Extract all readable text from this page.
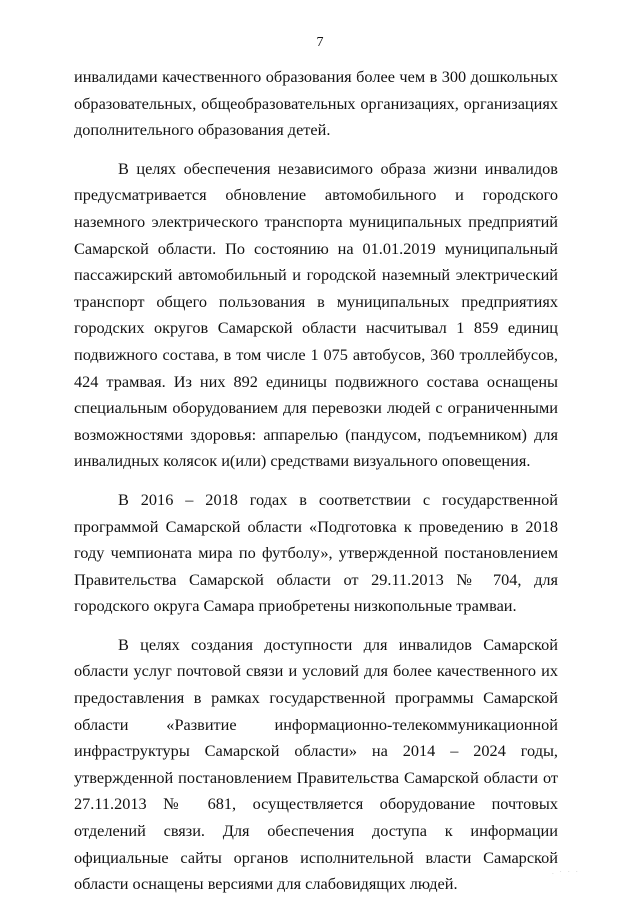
7

инвалидами качественного образования более чем в 300 дошкольных образовательных, общеобразовательных организациях, организациях дополнительного образования детей.

В целях обеспечения независимого образа жизни инвалидов предусматривается обновление автомобильного и городского наземного электрического транспорта муниципальных предприятий Самарской области. По состоянию на 01.01.2019 муниципальный пассажирский автомобильный и городской наземный электрический транспорт общего пользования в муниципальных предприятиях городских округов Самарской области насчитывал 1 859 единиц подвижного состава, в том числе 1 075 автобусов, 360 троллейбусов, 424 трамвая. Из них 892 единицы подвижного состава оснащены специальным оборудованием для перевозки людей с ограниченными возможностями здоровья: аппарелью (пандусом, подъемником) для инвалидных колясок и(или) средствами визуального оповещения.

В 2016 – 2018 годах в соответствии с государственной программой Самарской области «Подготовка к проведению в 2018 году чемпионата мира по футболу», утвержденной постановлением Правительства Самарской области от 29.11.2013 № 704, для городского округа Самара приобретены низкопольные трамваи.

В целях создания доступности для инвалидов Самарской области услуг почтовой связи и условий для более качественного их предоставления в рамках государственной программы Самарской области «Развитие информационно-телекоммуникационной инфраструктуры Самарской области» на 2014 – 2024 годы, утвержденной постановлением Правительства Самарской области от 27.11.2013 № 681, осуществляется оборудование почтовых отделений связи. Для обеспечения доступа к информации официальные сайты органов исполнительной власти Самарской области оснащены версиями для слабовидящих людей.

. · · ·
